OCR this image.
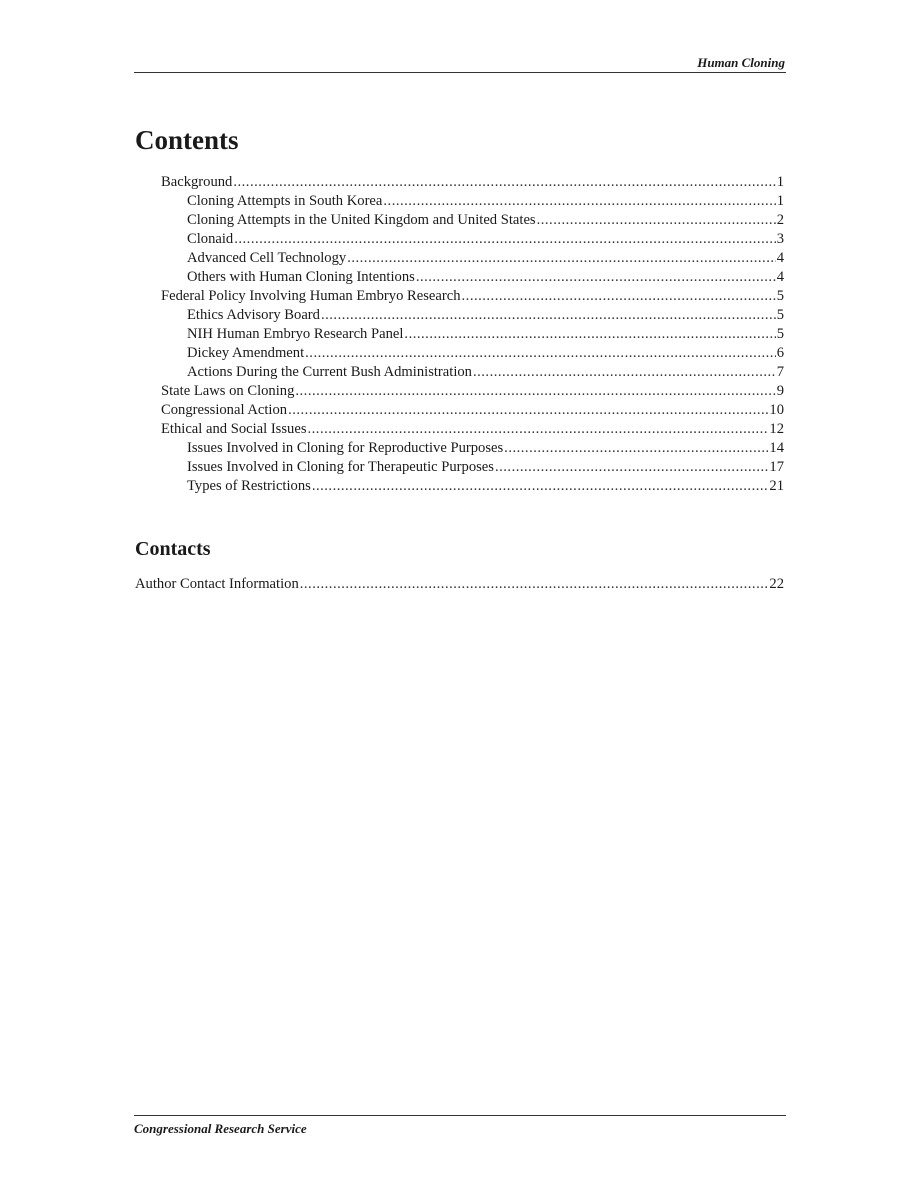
Human Cloning
Contents
Background .....	1
Cloning Attempts in South Korea .....	1
Cloning Attempts in the United Kingdom and United States .....	2
Clonaid .....	3
Advanced Cell Technology .....	4
Others with Human Cloning Intentions .....	4
Federal Policy Involving Human Embryo Research .....	5
Ethics Advisory Board .....	5
NIH Human Embryo Research Panel .....	5
Dickey Amendment .....	6
Actions During the Current Bush Administration .....	7
State Laws on Cloning .....	9
Congressional Action .....	10
Ethical and Social Issues .....	12
Issues Involved in Cloning for Reproductive Purposes .....	14
Issues Involved in Cloning for Therapeutic Purposes .....	17
Types of Restrictions .....	21
Contacts
Author Contact Information .....	22
Congressional Research Service
